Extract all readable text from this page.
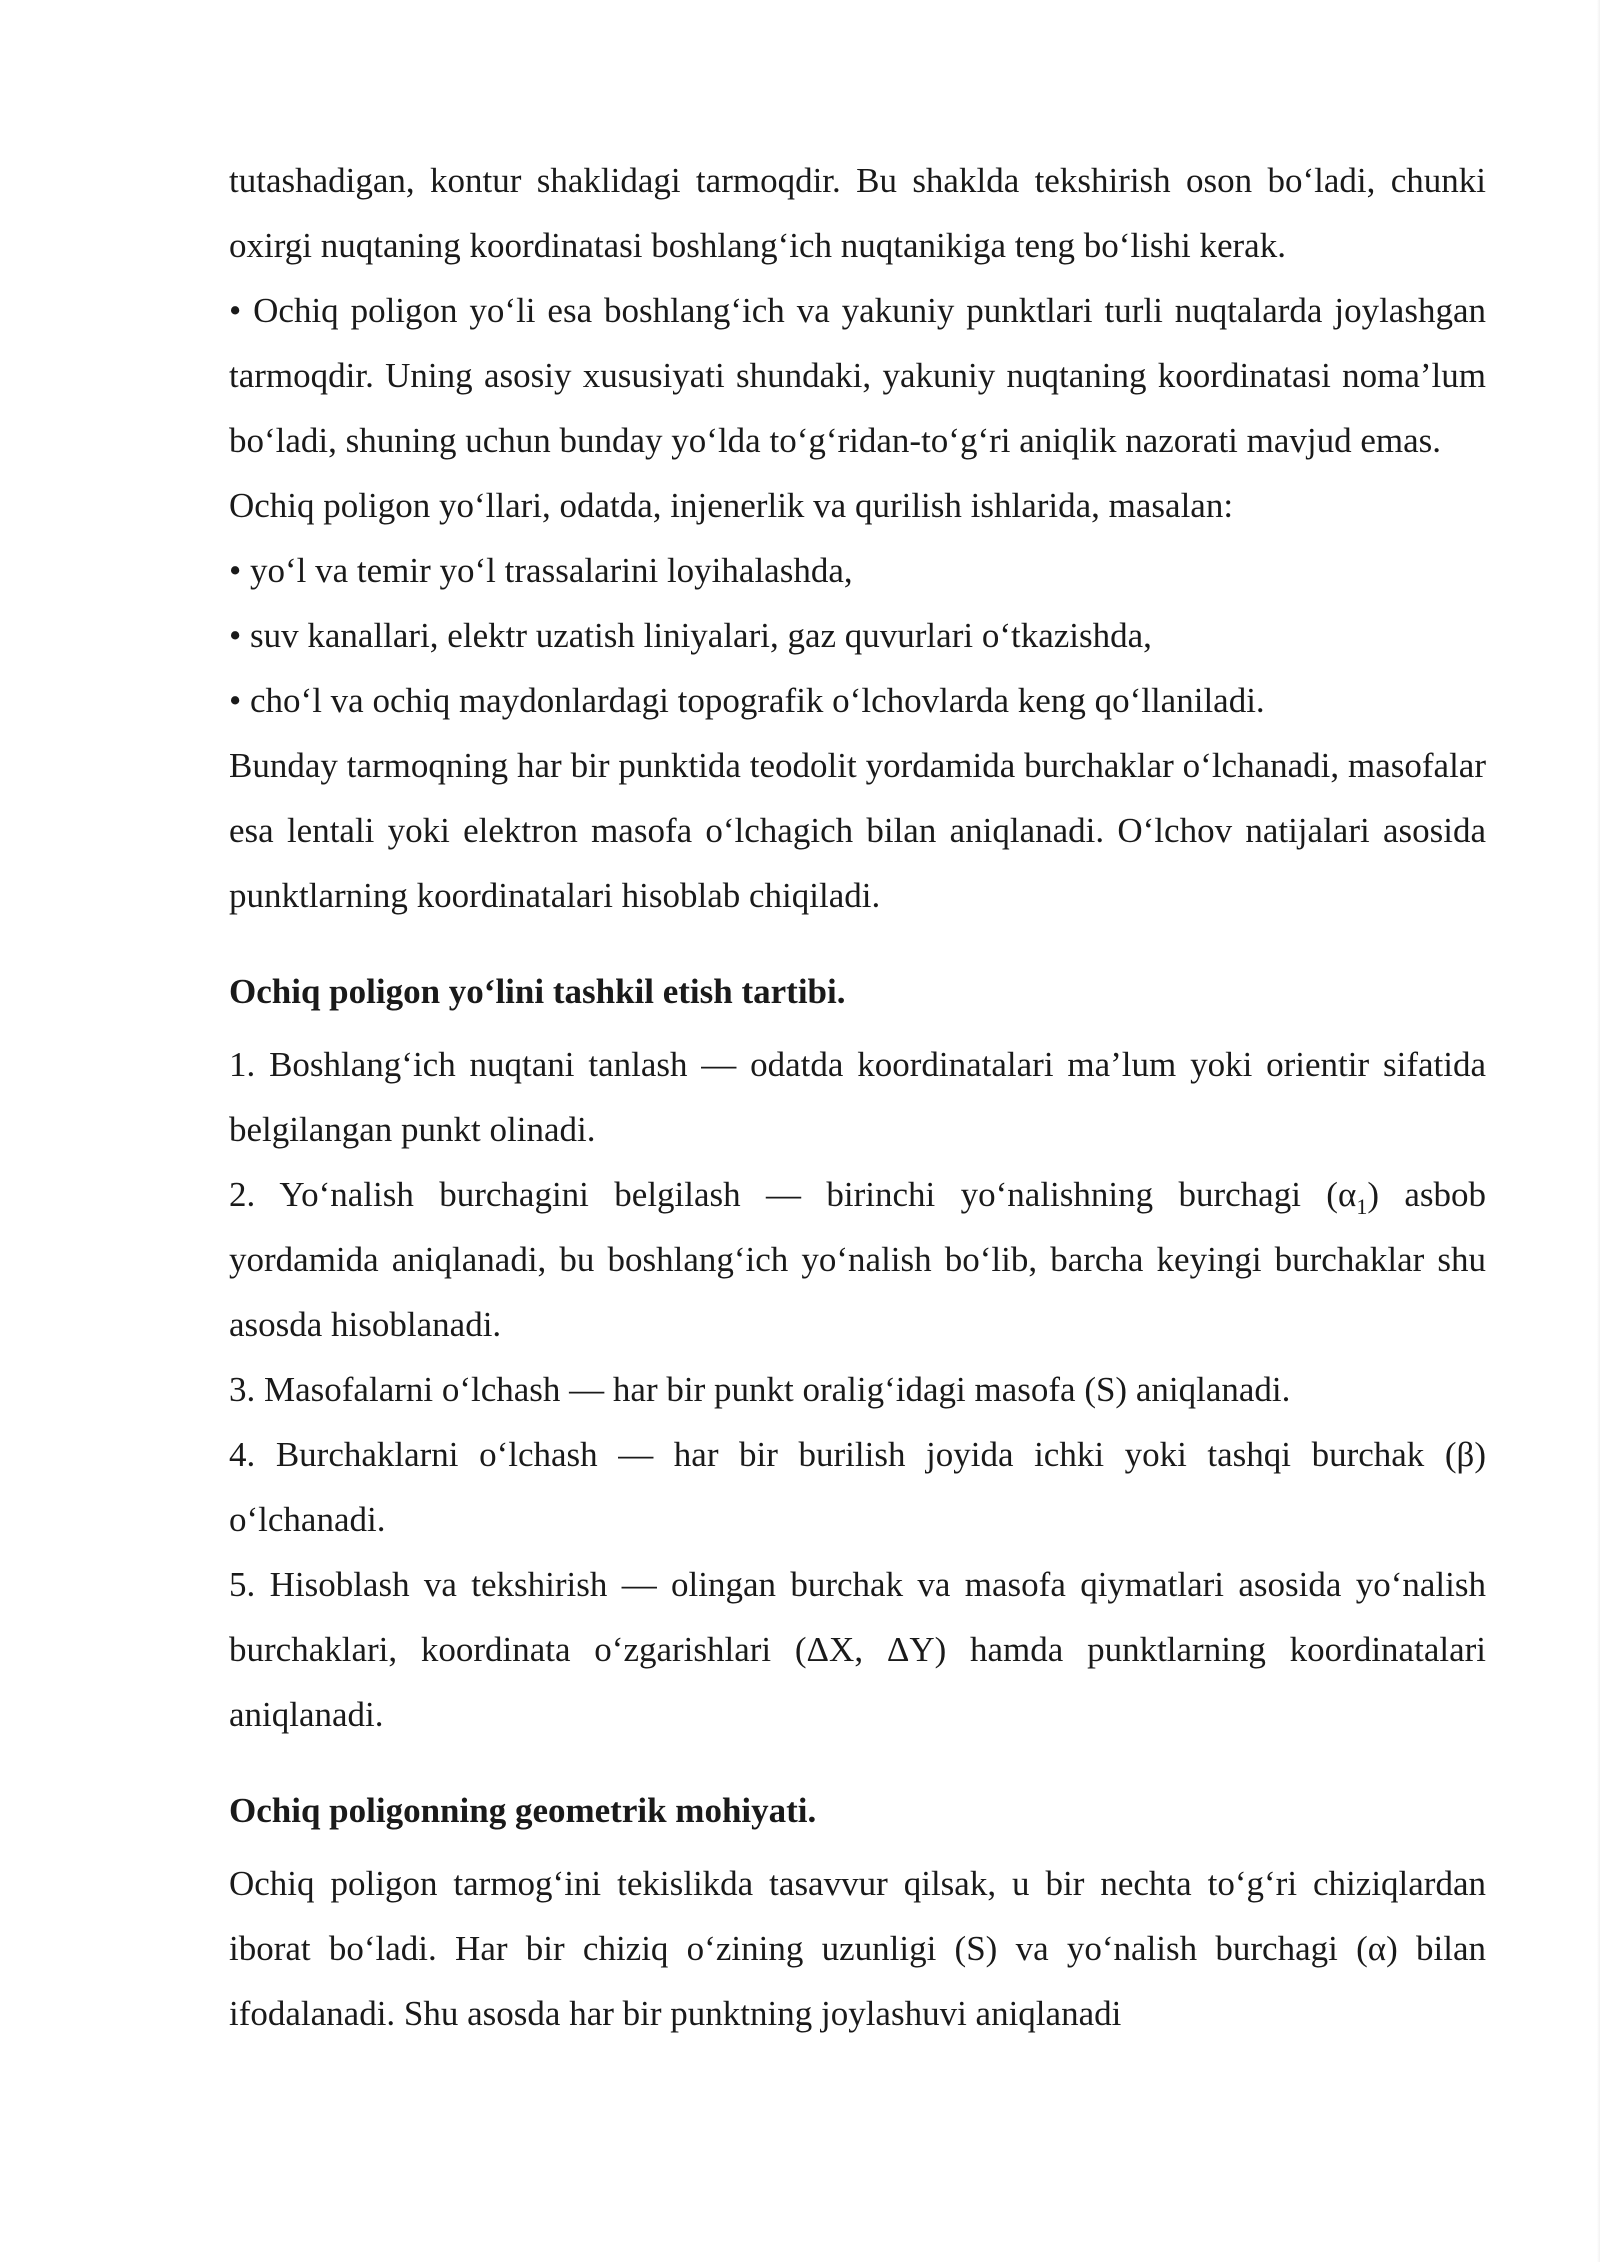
tutashadigan, kontur shaklidagi tarmoqdir. Bu shaklda tekshirish oson bo‘ladi, chunki oxirgi nuqtaning koordinatasi boshlang‘ich nuqtanikiga teng bo‘lishi kerak.

• Ochiq poligon yo‘li esa boshlang‘ich va yakuniy punktlari turli nuqtalarda joylashgan tarmoqdir. Uning asosiy xususiyati shundaki, yakuniy nuqtaning koordinatasi noma’lum bo‘ladi, shuning uchun bunday yo‘lda to‘g‘ridan-to‘g‘ri aniqlik nazorati mavjud emas.

Ochiq poligon yo‘llari, odatda, injenerlik va qurilish ishlarida, masalan:

• yo‘l va temir yo‘l trassalarini loyihalashda,

• suv kanallari, elektr uzatish liniyalari, gaz quvurlari o‘tkazishda,

• cho‘l va ochiq maydonlardagi topografik o‘lchovlarda keng qo‘llaniladi.

Bunday tarmoqning har bir punktida teodolit yordamida burchaklar o‘lchanadi, masofalar esa lentali yoki elektron masofa o‘lchagich bilan aniqlanadi. O‘lchov natijalari asosida punktlarning koordinatalari hisoblab chiqiladi.

Ochiq poligon yo‘lini tashkil etish tartibi.

1. Boshlang‘ich nuqtani tanlash — odatda koordinatalari ma’lum yoki orientir sifatida belgilangan punkt olinadi.

2. Yo‘nalish burchagini belgilash — birinchi yo‘nalishning burchagi $(\alpha_1)$ asbob yordamida aniqlanadi, bu boshlang‘ich yo‘nalish bo‘lib, barcha keyingi burchaklar shu asosda hisoblanadi.

3. Masofalarni o‘lchash — har bir punkt oralig‘idagi masofa (S) aniqlanadi.

4. Burchaklarni o‘lchash — har bir burilish joyida ichki yoki tashqi burchak (β) o‘lchanadi.

5. Hisoblash va tekshirish — olingan burchak va masofa qiymatlari asosida yo‘nalish burchaklari, koordinata o‘zgarishlari (ΔX, ΔY) hamda punktlarning koordinatalari aniqlanadi.

Ochiq poligonning geometrik mohiyati.

Ochiq poligon tarmog‘ini tekislikda tasavvur qilsak, u bir nechta to‘g‘ri chiziqlardan iborat bo‘ladi. Har bir chiziq o‘zining uzunligi (S) va yo‘nalish burchagi (α) bilan ifodalanadi. Shu asosda har bir punktning joylashuvi aniqlanadi
